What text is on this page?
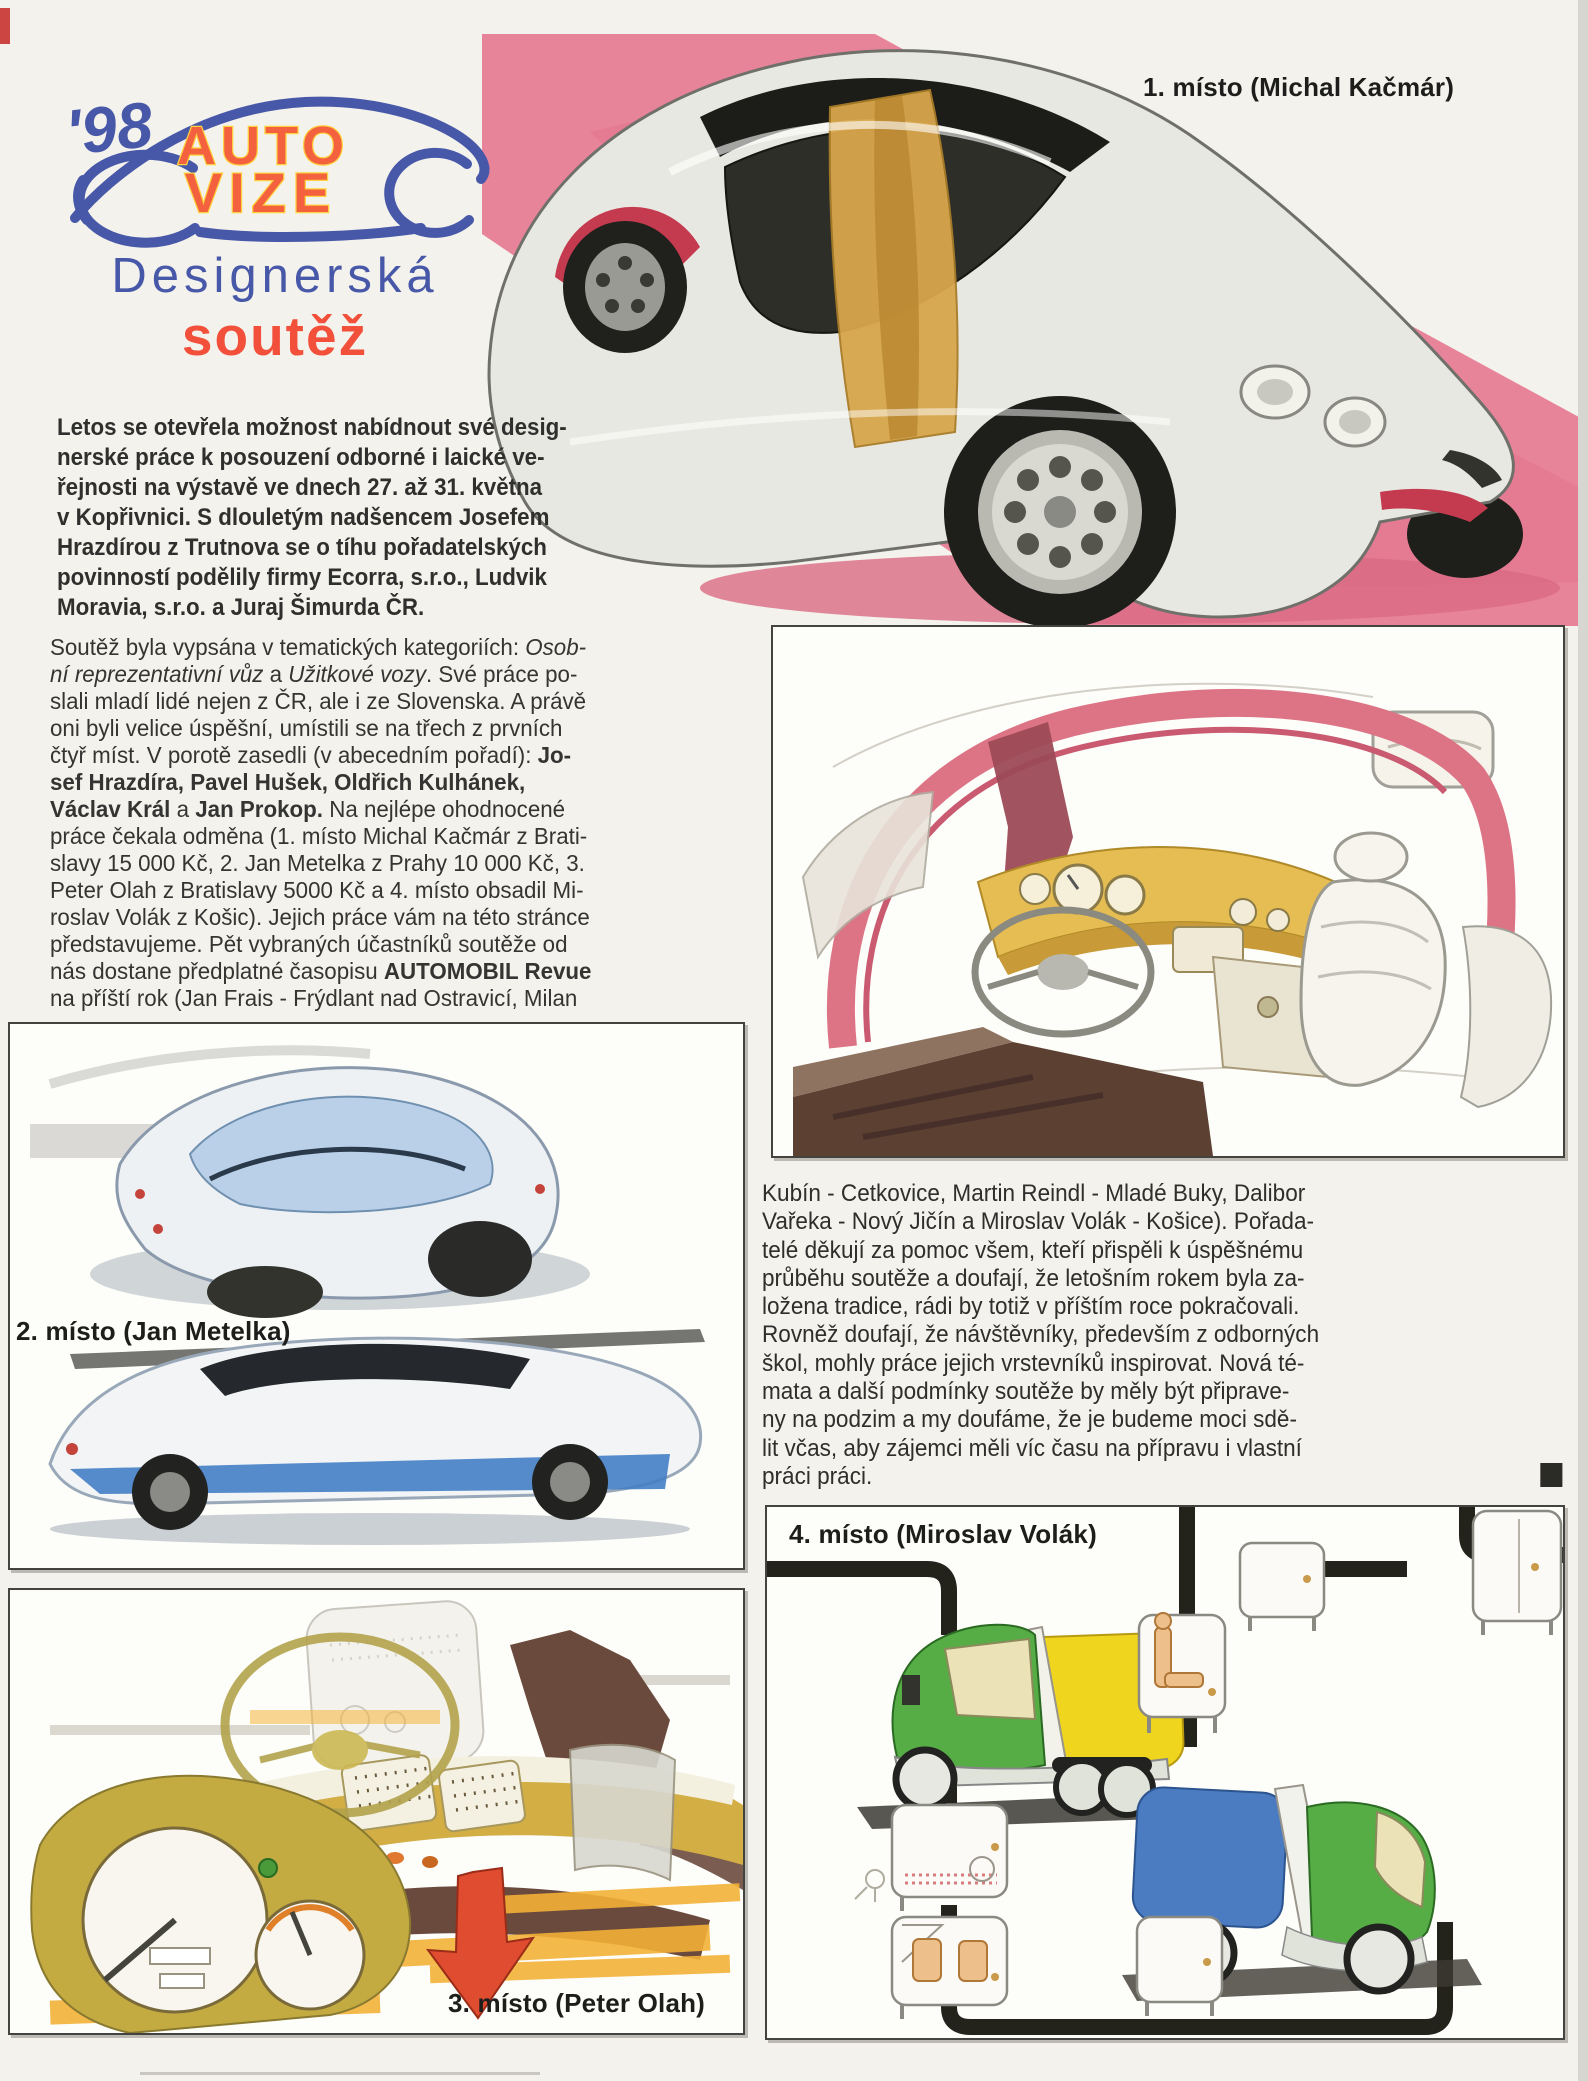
'98 AUTO
VIZE
Designerská
soutěž
1. místo (Michal Kačmár)
Letos se otevřela možnost nabídnout své desig-
nerské práce k posouzení odborné i laické ve-
řejnosti na výstavě ve dnech 27. až 31. května
v Kopřivnici. S dlouletým nadšencem Josefem
Hrazdírou z Trutnova se o tíhu pořadatelských
povinností podělily firmy Ecorra, s.r.o., Ludvik
Moravia, s.r.o. a Juraj Šimurda ČR.
Soutěž byla vypsána v tematických kategoriích: Osob-
ní reprezentativní vůz a Užitkové vozy. Své práce po-
slali mladí lidé nejen z ČR, ale i ze Slovenska. A právě
oni byli velice úspěšní, umístili se na třech z prvních
čtyř míst. V porotě zasedli (v abecedním pořadí): Jo-
sef Hrazdíra, Pavel Hušek, Oldřich Kulhánek,
Václav Král a Jan Prokop. Na nejlépe ohodnocené
práce čekala odměna (1. místo Michal Kačmár z Brati-
slavy 15 000 Kč, 2. Jan Metelka z Prahy 10 000 Kč, 3.
Peter Olah z Bratislavy 5000 Kč a 4. místo obsadil Mi-
roslav Volák z Košic). Jejich práce vám na této stránce
představujeme. Pět vybraných účastníků soutěže od
nás dostane předplatné časopisu AUTOMOBIL Revue
na příští rok (Jan Frais - Frýdlant nad Ostravicí, Milan
Kubín - Cetkovice, Martin Reindl - Mladé Buky, Dalibor
Vařeka - Nový Jičín a Miroslav Volák - Košice). Pořada-
telé děkují za pomoc všem, kteří přispěli k úspěšnému
průběhu soutěže a doufají, že letošním rokem byla za-
ložena tradice, rádi by totiž v příštím roce pokračovali.
Rovněž doufají, že návštěvníky, především z odborných
škol, mohly práce jejich vrstevníků inspirovat. Nová té-
mata a další podmínky soutěže by měly být připrave-
ny na podzim a my doufáme, že je budeme moci sdě-
lit včas, aby zájemci měli víc času na přípravu i vlastní
práci práci.
2. místo (Jan Metelka)
3. místo (Peter Olah)
4. místo (Miroslav Volák)
